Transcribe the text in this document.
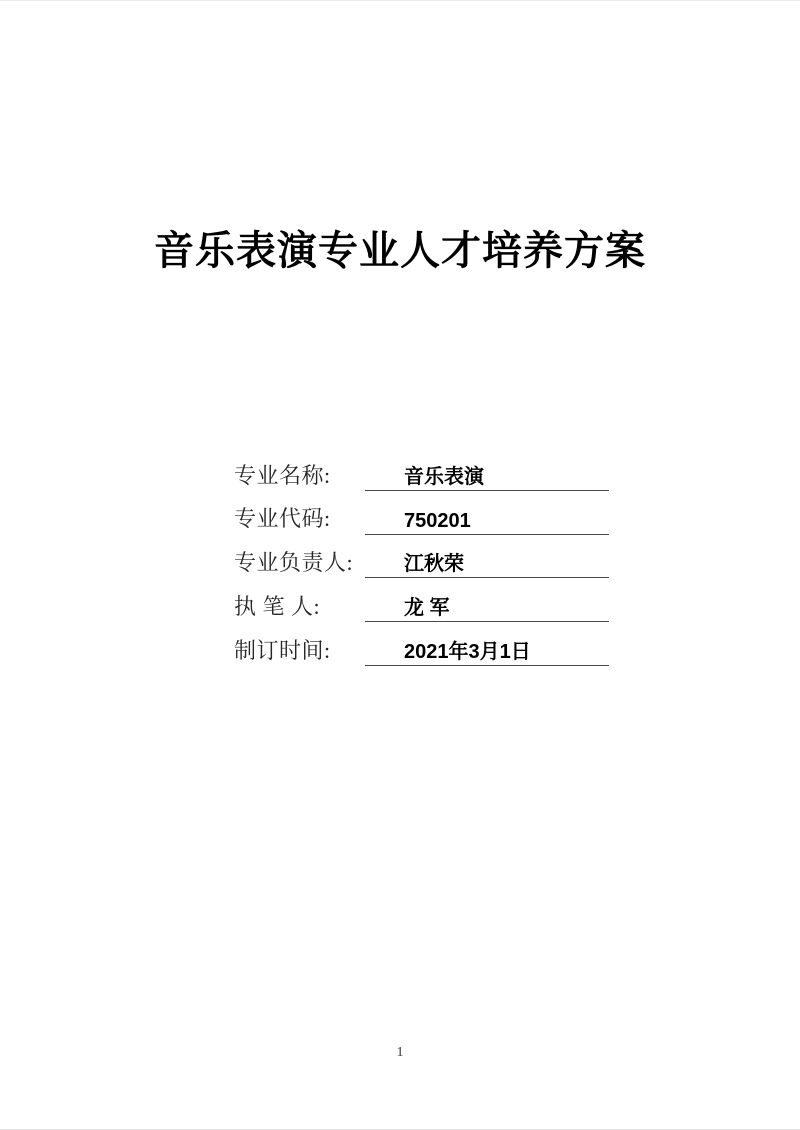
音乐表演专业人才培养方案
专业名称:	音乐表演
专业代码:	750201
专业负责人:	江秋荣
执 笔 人:	龙 军
制订时间:	2021年3月1日
1
